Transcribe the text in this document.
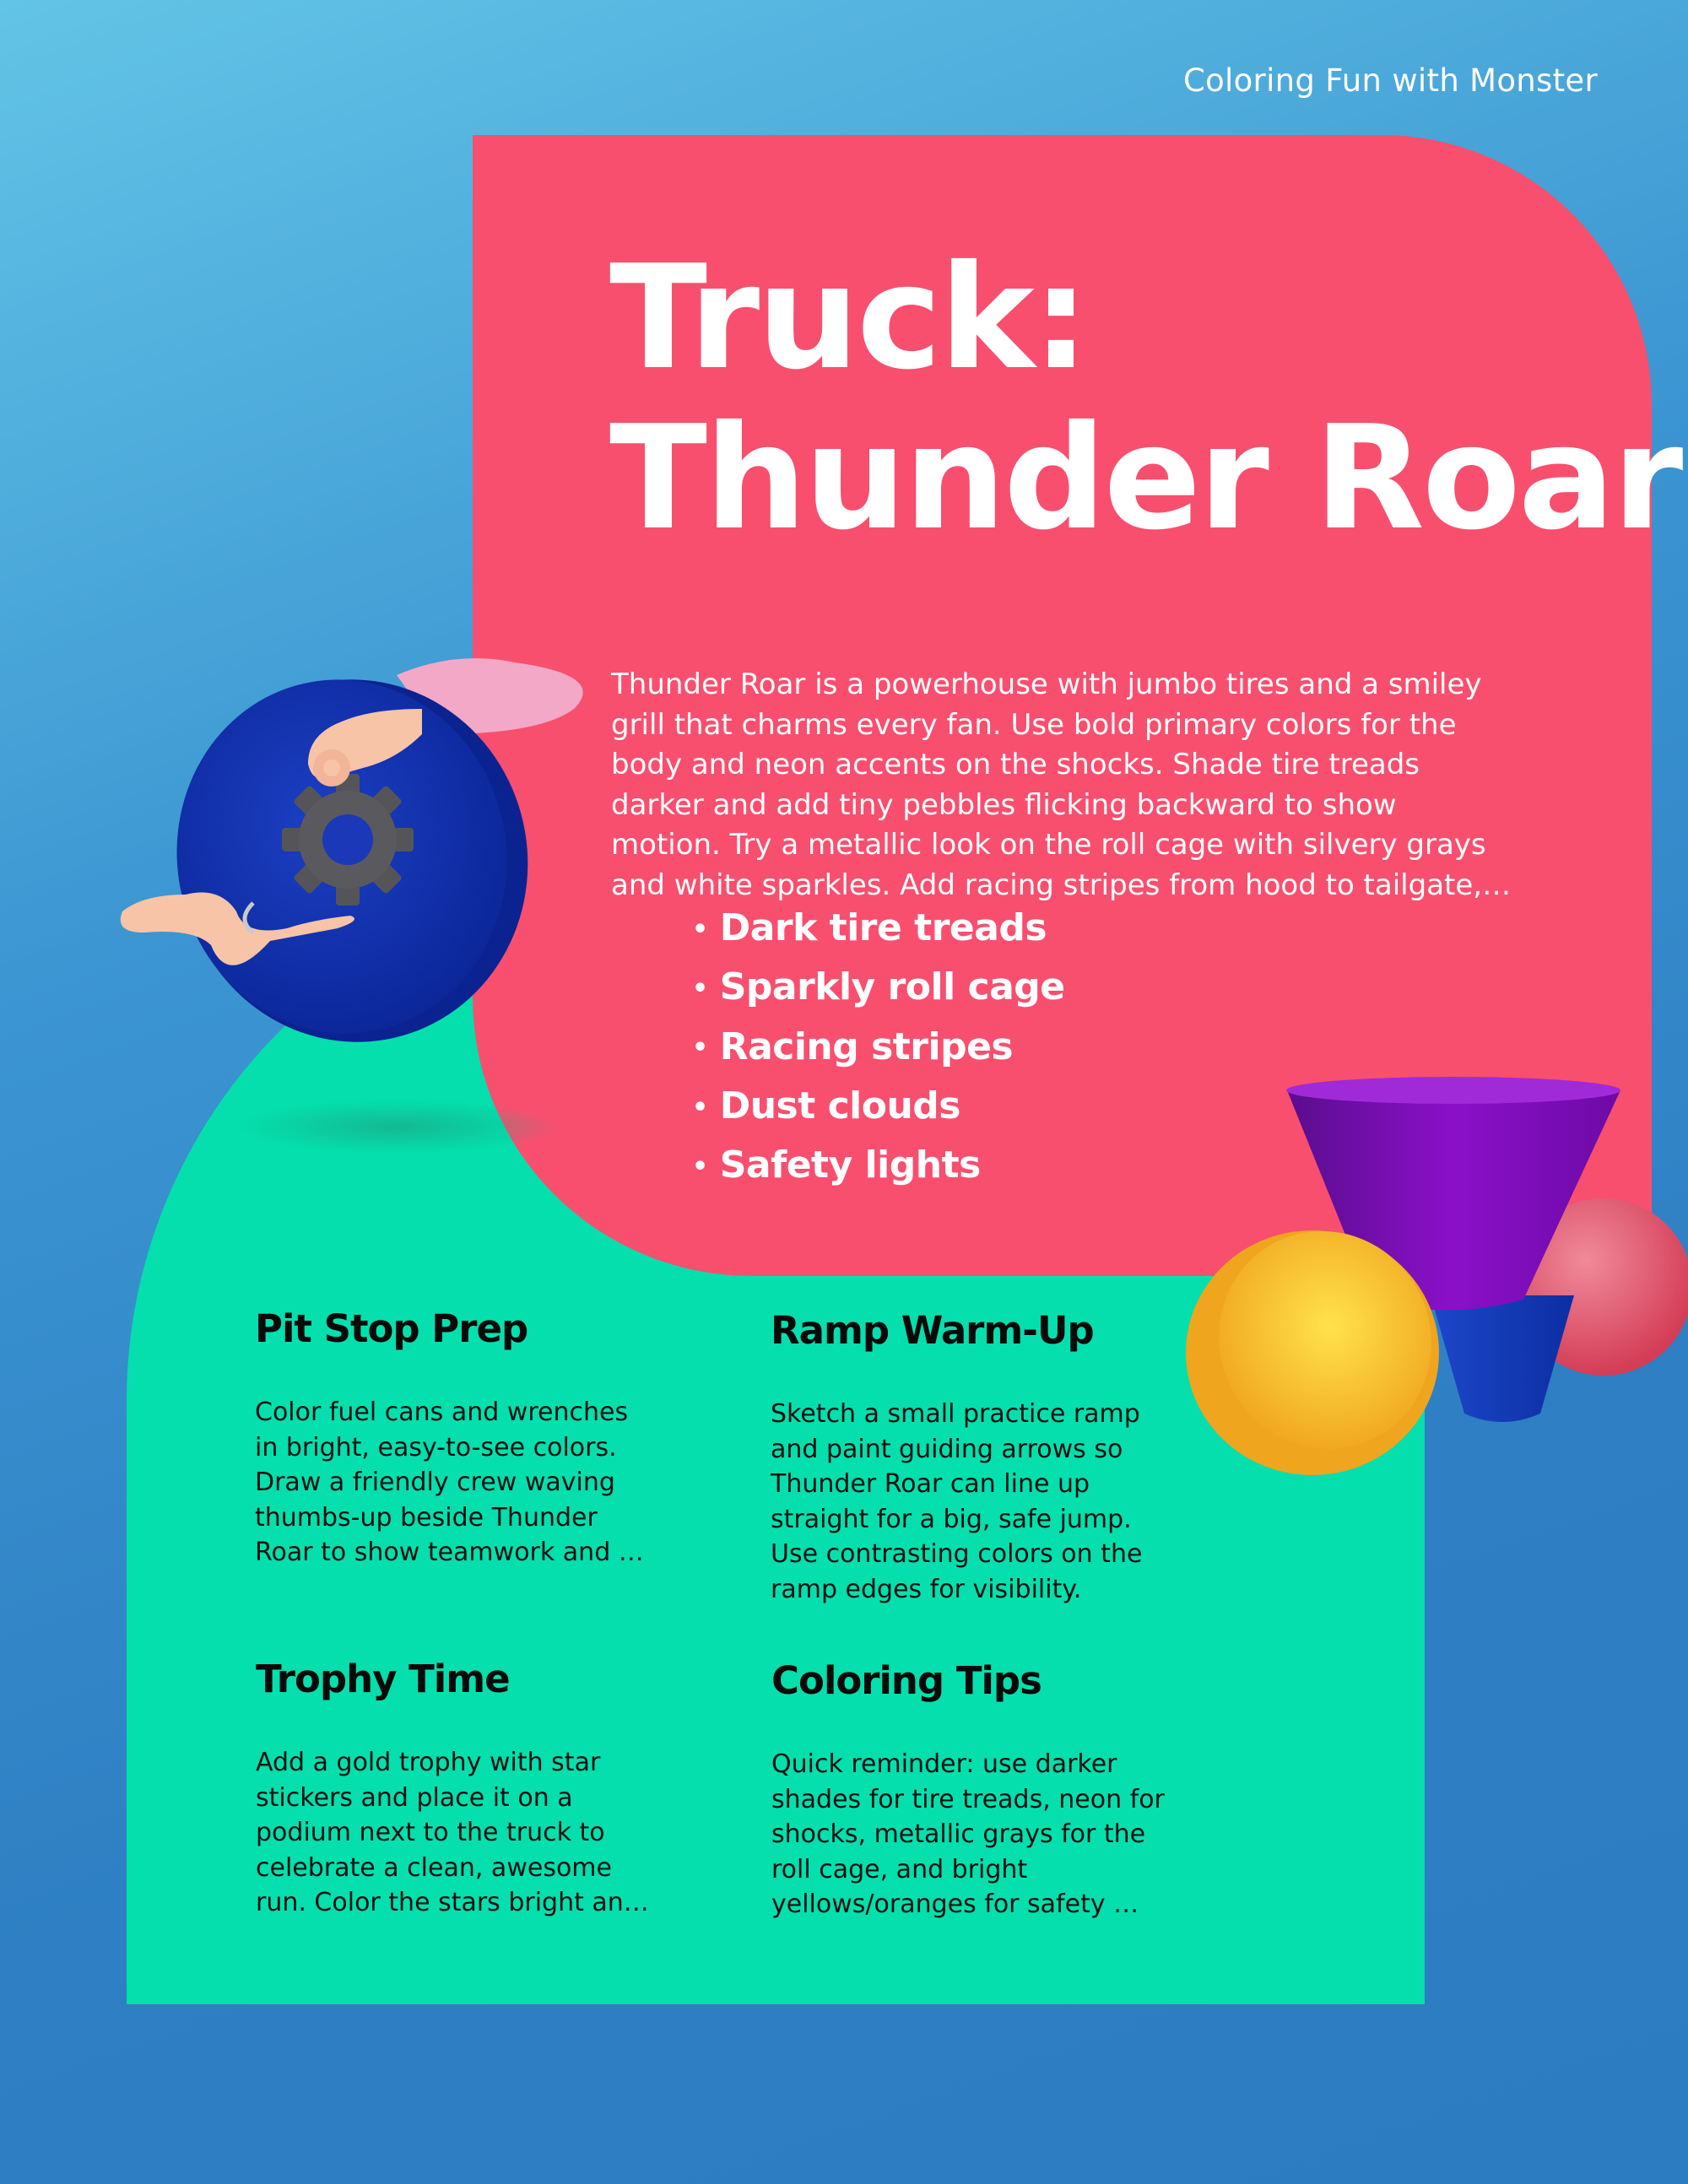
Coloring Fun with Monster
Truck:
Thunder Roar
Thunder Roar is a powerhouse with jumbo tires and a smiley
grill that charms every fan. Use bold primary colors for the
body and neon accents on the shocks. Shade tire treads
darker and add tiny pebbles flicking backward to show
motion. Try a metallic look on the roll cage with silvery grays
and white sparkles. Add racing stripes from hood to tailgate,…
• Dark tire treads
• Sparkly roll cage
• Racing stripes
• Dust clouds
• Safety lights
Pit Stop Prep

Color fuel cans and wrenches
in bright, easy-to-see colors.
Draw a friendly crew waving
thumbs-up beside Thunder
Roar to show teamwork and …

Ramp Warm-Up

Sketch a small practice ramp
and paint guiding arrows so
Thunder Roar can line up
straight for a big, safe jump.
Use contrasting colors on the
ramp edges for visibility.

Trophy Time

Add a gold trophy with star
stickers and place it on a
podium next to the truck to
celebrate a clean, awesome
run. Color the stars bright an…

Coloring Tips

Quick reminder: use darker
shades for tire treads, neon for
shocks, metallic grays for the
roll cage, and bright
yellows/oranges for safety …
